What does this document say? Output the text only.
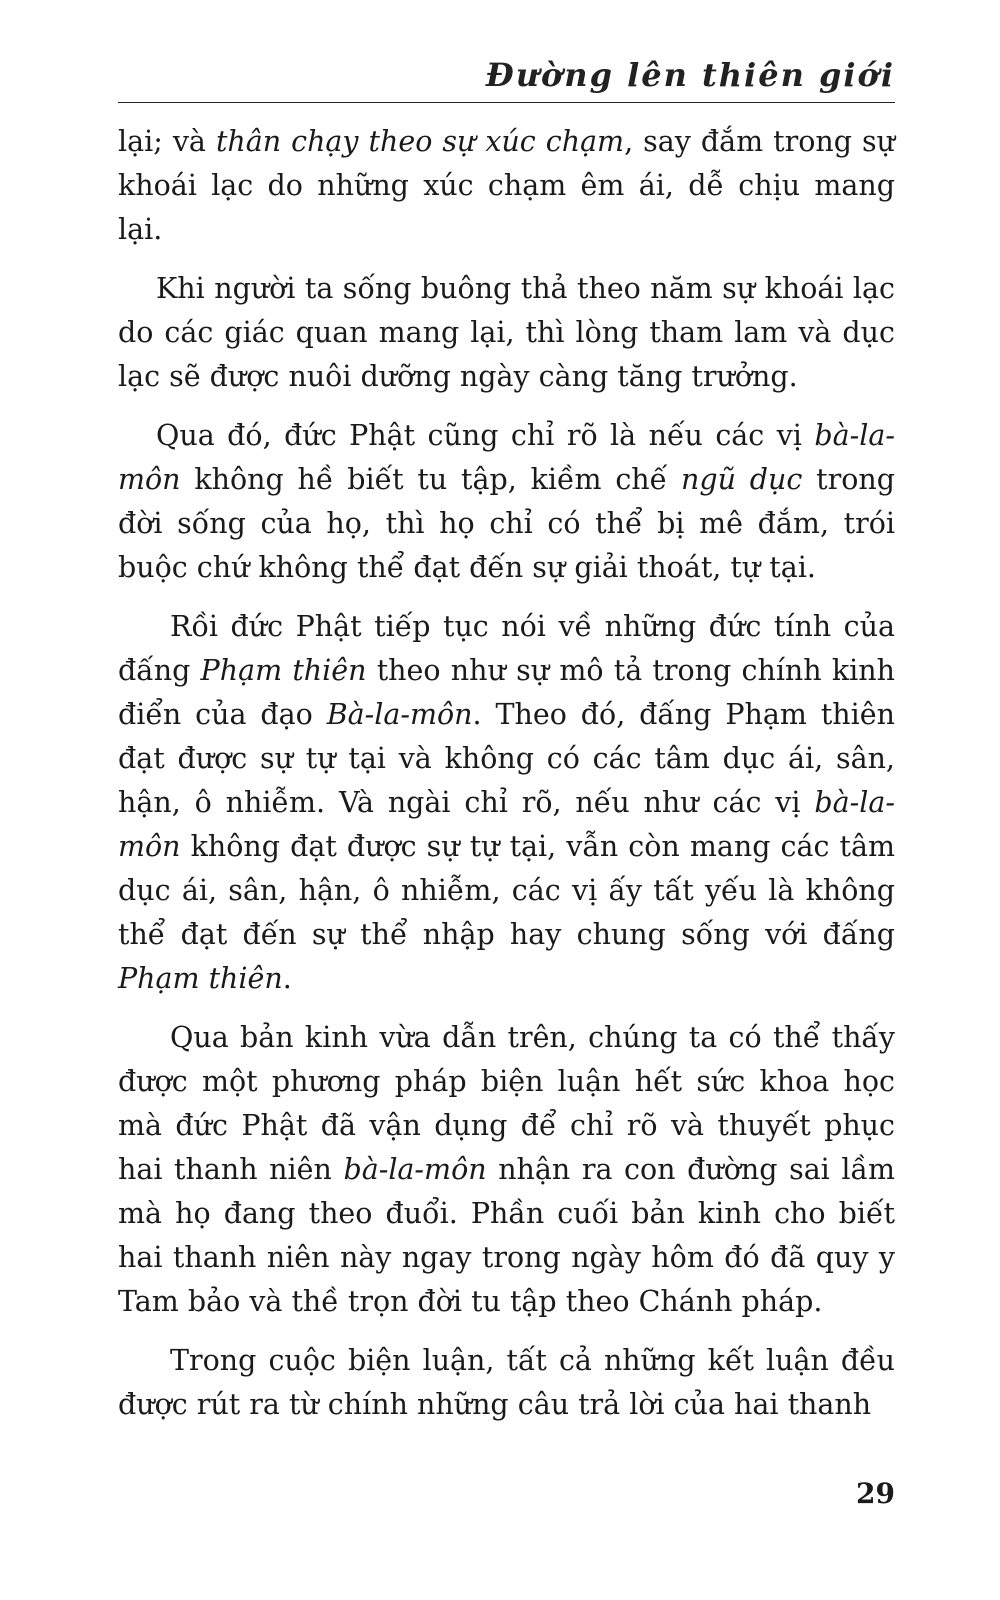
Đường lên thiên giới

lại; và thân chạy theo sự xúc chạm, say đắm trong sự khoái lạc do những xúc chạm êm ái, dễ chịu mang lại.

Khi người ta sống buông thả theo năm sự khoái lạc do các giác quan mang lại, thì lòng tham lam và dục lạc sẽ được nuôi dưỡng ngày càng tăng trưởng.

Qua đó, đức Phật cũng chỉ rõ là nếu các vị bà-la-môn không hề biết tu tập, kiềm chế ngũ dục trong đời sống của họ, thì họ chỉ có thể bị mê đắm, trói buộc chứ không thể đạt đến sự giải thoát, tự tại.

Rồi đức Phật tiếp tục nói về những đức tính của đấng Phạm thiên theo như sự mô tả trong chính kinh điển của đạo Bà-la-môn. Theo đó, đấng Phạm thiên đạt được sự tự tại và không có các tâm dục ái, sân, hận, ô nhiễm. Và ngài chỉ rõ, nếu như các vị bà-la-môn không đạt được sự tự tại, vẫn còn mang các tâm dục ái, sân, hận, ô nhiễm, các vị ấy tất yếu là không thể đạt đến sự thể nhập hay chung sống với đấng Phạm thiên.

Qua bản kinh vừa dẫn trên, chúng ta có thể thấy được một phương pháp biện luận hết sức khoa học mà đức Phật đã vận dụng để chỉ rõ và thuyết phục hai thanh niên bà-la-môn nhận ra con đường sai lầm mà họ đang theo đuổi. Phần cuối bản kinh cho biết hai thanh niên này ngay trong ngày hôm đó đã quy y Tam bảo và thề trọn đời tu tập theo Chánh pháp.

Trong cuộc biện luận, tất cả những kết luận đều được rút ra từ chính những câu trả lời của hai thanh

29
